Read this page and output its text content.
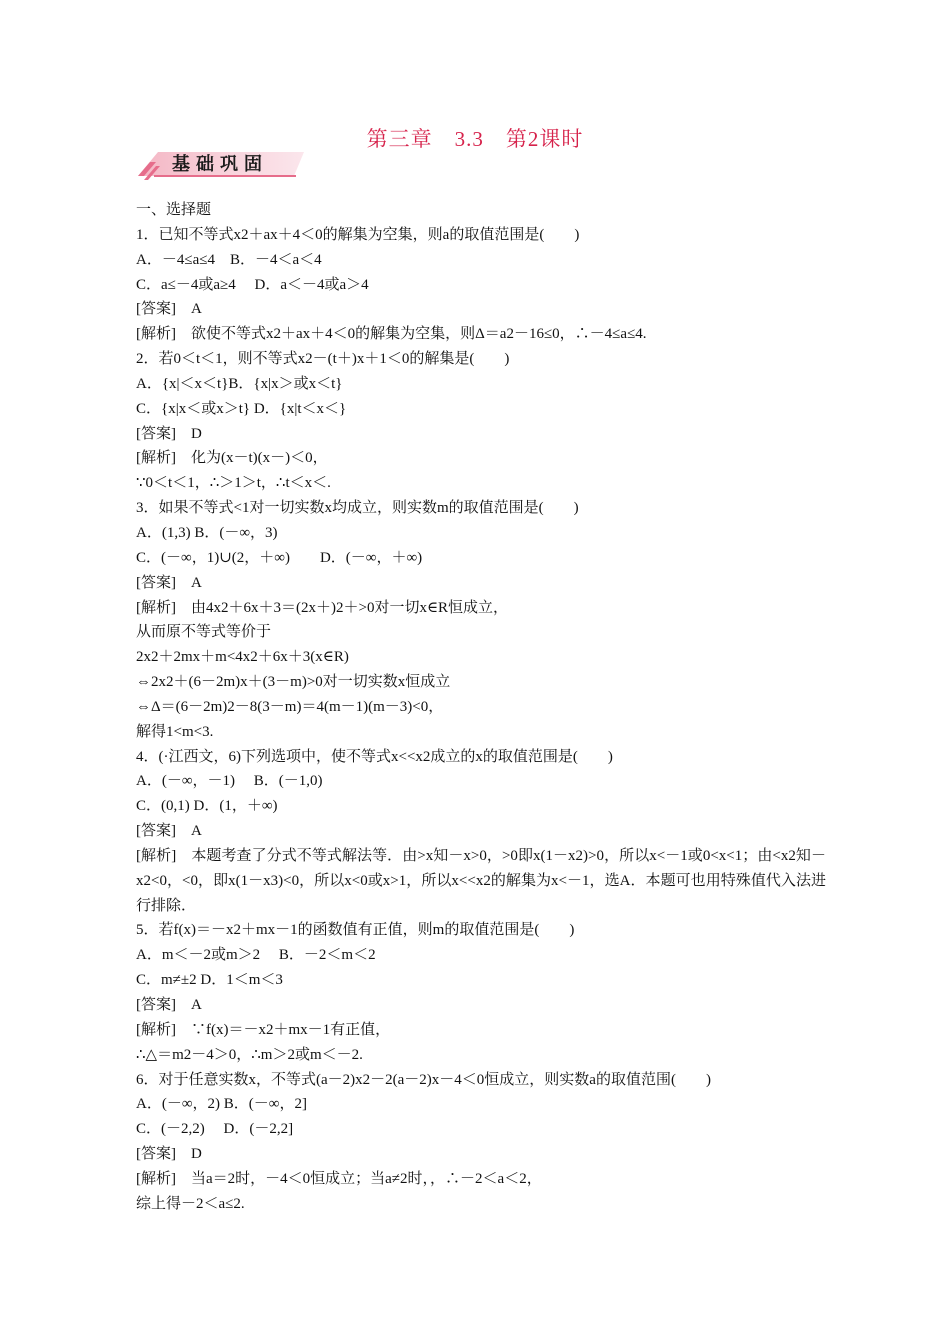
第三章　3.3　第2课时
基础巩固
一、选择题
1．已知不等式x2＋ax＋4＜0的解集为空集，则a的取值范围是(　　)
A．－4≤a≤4　B．－4＜a＜4
C．a≤－4或a≥4　 D．a＜－4或a＞4
[答案]　A
[解析]　欲使不等式x2＋ax＋4＜0的解集为空集，则Δ＝a2－16≤0，∴－4≤a≤4.
2．若0＜t＜1，则不等式x2－(t＋)x＋1＜0的解集是(　　)
A．{x|＜x＜t}B．{x|x＞或x＜t}
C．{x|x＜或x＞t} D．{x|t＜x＜}
[答案]　D
[解析]　化为(x－t)(x－)＜0，
∵0＜t＜1，∴＞1＞t，∴t＜x＜.
3．如果不等式<1对一切实数x均成立，则实数m的取值范围是(　　)
A．(1,3) B．(－∞，3)
C．(－∞，1)∪(2，＋∞)　　D．(－∞，＋∞)
[答案]　A
[解析]　由4x2＋6x＋3＝(2x＋)2＋>0对一切x∈R恒成立，
从而原不等式等价于
2x2＋2mx＋m<4x2＋6x＋3(x∈R)
⇔2x2＋(6－2m)x＋(3－m)>0对一切实数x恒成立
⇔Δ＝(6－2m)2－8(3－m)＝4(m－1)(m－3)<0，
解得1<m<3.
4．(·江西文，6)下列选项中，使不等式x<<x2成立的x的取值范围是(　　)
A．(－∞，－1)　 B．(－1,0)
C．(0,1) D．(1，＋∞)
[答案]　A
[解析]　本题考查了分式不等式解法等．由>x知－x>0，>0即x(1－x2)>0，所以x<－1或0<x<1；由<x2知－x2<0，<0，即x(1－x3)<0，所以x<0或x>1，所以x<<x2的解集为x<－1，选A．本题可也用特殊值代入法进行排除．
5．若f(x)＝－x2＋mx－1的函数值有正值，则m的取值范围是(　　)
A．m＜－2或m＞2　 B．－2＜m＜2
C．m≠±2 D．1＜m＜3
[答案]　A
[解析]　∵f(x)＝－x2＋mx－1有正值，
∴△＝m2－4＞0，∴m＞2或m＜－2.
6．对于任意实数x，不等式(a－2)x2－2(a－2)x－4＜0恒成立，则实数a的取值范围(　　)
A．(－∞，2) B．(－∞，2]
C．(－2,2)　 D．(－2,2]
[答案]　D
[解析]　当a＝2时，－4＜0恒成立；当a≠2时，，∴－2＜a＜2，
综上得－2＜a≤2.
